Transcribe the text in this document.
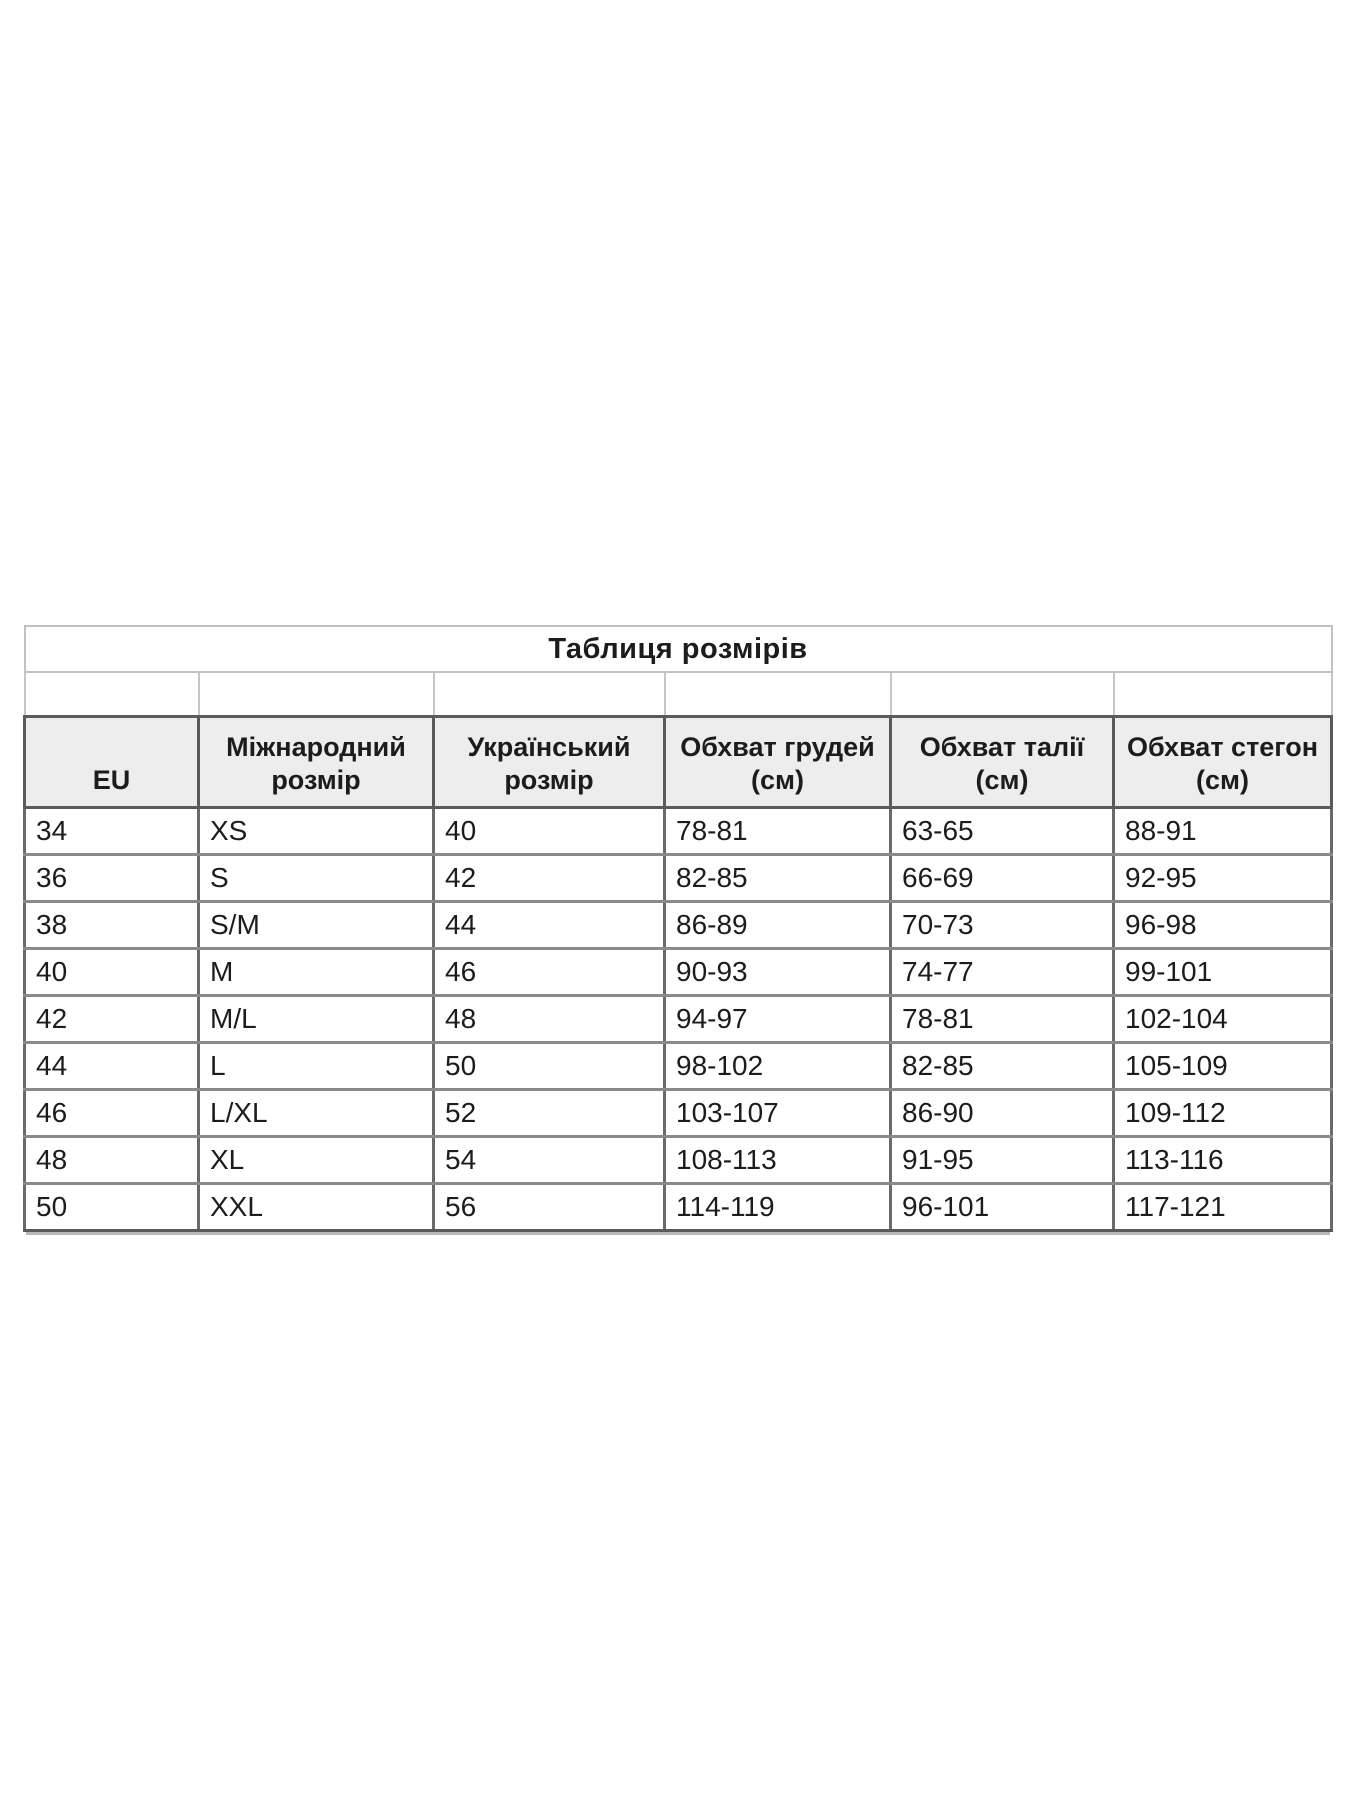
Таблиця розмірів					

EU	Міжнародний розмір	Український розмір	Обхват грудей (см)	Обхват талії (см)	Обхват стегон (см)
34	XS	40	78-81	63-65	88-91
36	S	42	82-85	66-69	92-95
38	S/M	44	86-89	70-73	96-98
40	M	46	90-93	74-77	99-101
42	M/L	48	94-97	78-81	102-104
44	L	50	98-102	82-85	105-109
46	L/XL	52	103-107	86-90	109-112
48	XL	54	108-113	91-95	113-116
50	XXL	56	114-119	96-101	117-121
